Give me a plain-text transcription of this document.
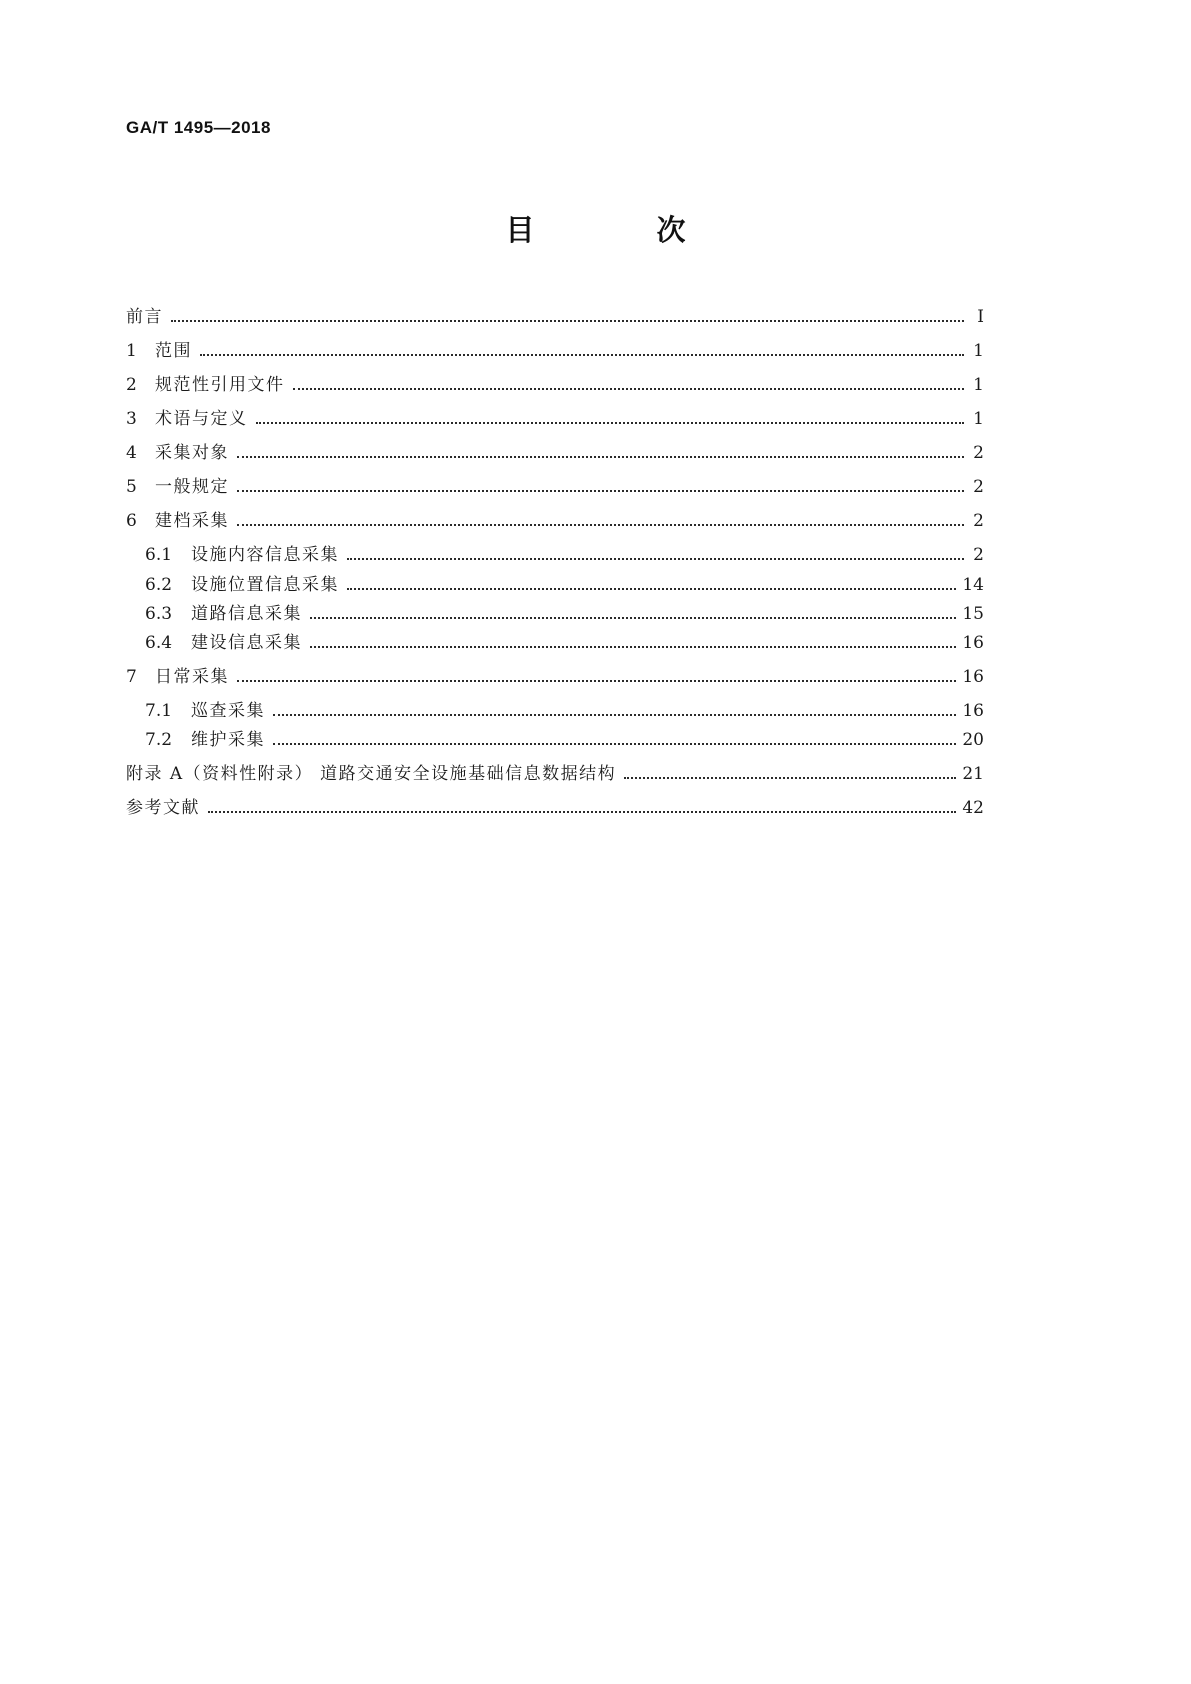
GA/T 1495—2018
目 次
前言	Ⅰ
1	范围	1
2	规范性引用文件	1
3	术语与定义	1
4	采集对象	2
5	一般规定	2
6	建档采集	2
6.1	设施内容信息采集	2
6.2	设施位置信息采集	14
6.3	道路信息采集	15
6.4	建设信息采集	16
7	日常采集	16
7.1	巡查采集	16
7.2	维护采集	20
附录 A（资料性附录） 道路交通安全设施基础信息数据结构	21
参考文献	42
